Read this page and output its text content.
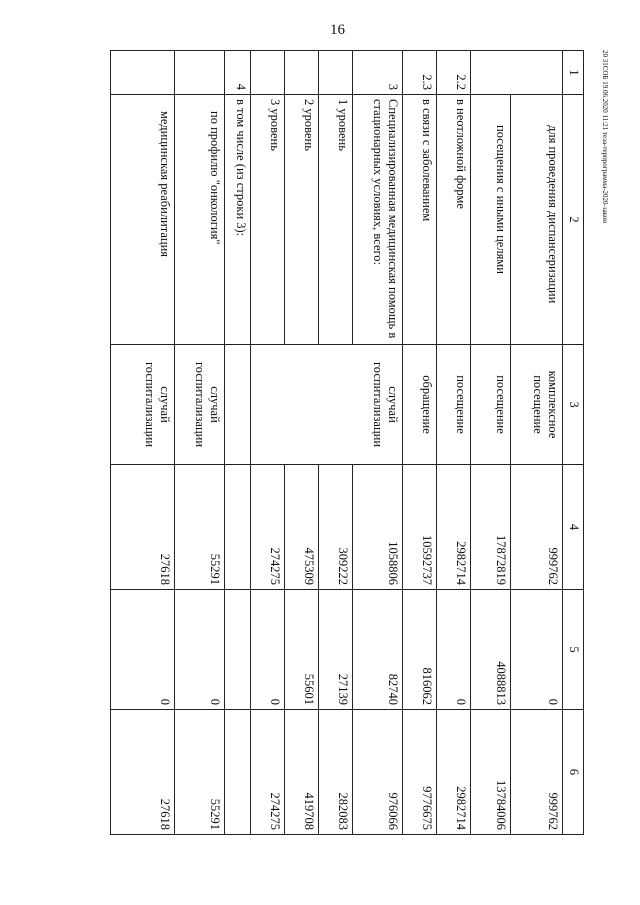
16
20 31СОБ 19.06.2020 11:21 теза-терпрограмма-2020-закон
1	2	3	4	5	6
	для проведения диспансеризации	комплексное посещение	999762	0	999762
	посещения с иными целями	посещение	17872819	4088813	13784006
2.2	в неотложной форме	посещение	2982714	0	2982714
2.3	в связи с заболеванием	обращение	10592737	816062	9776675
3	Специализированная медицинская помощь в стационарных условиях, всего:	случай госпитализации	1058806	82740	976066
	1 уровень		309222	27139	282083
	2 уровень		475309	55601	419708
	3 уровень		274275	0	274275
4	в том числе (из строки 3):				
	по профилю "онкология"	случай госпитализации	55291	0	55291
	медицинская реабилитация	случай госпитализации	27618	0	27618
